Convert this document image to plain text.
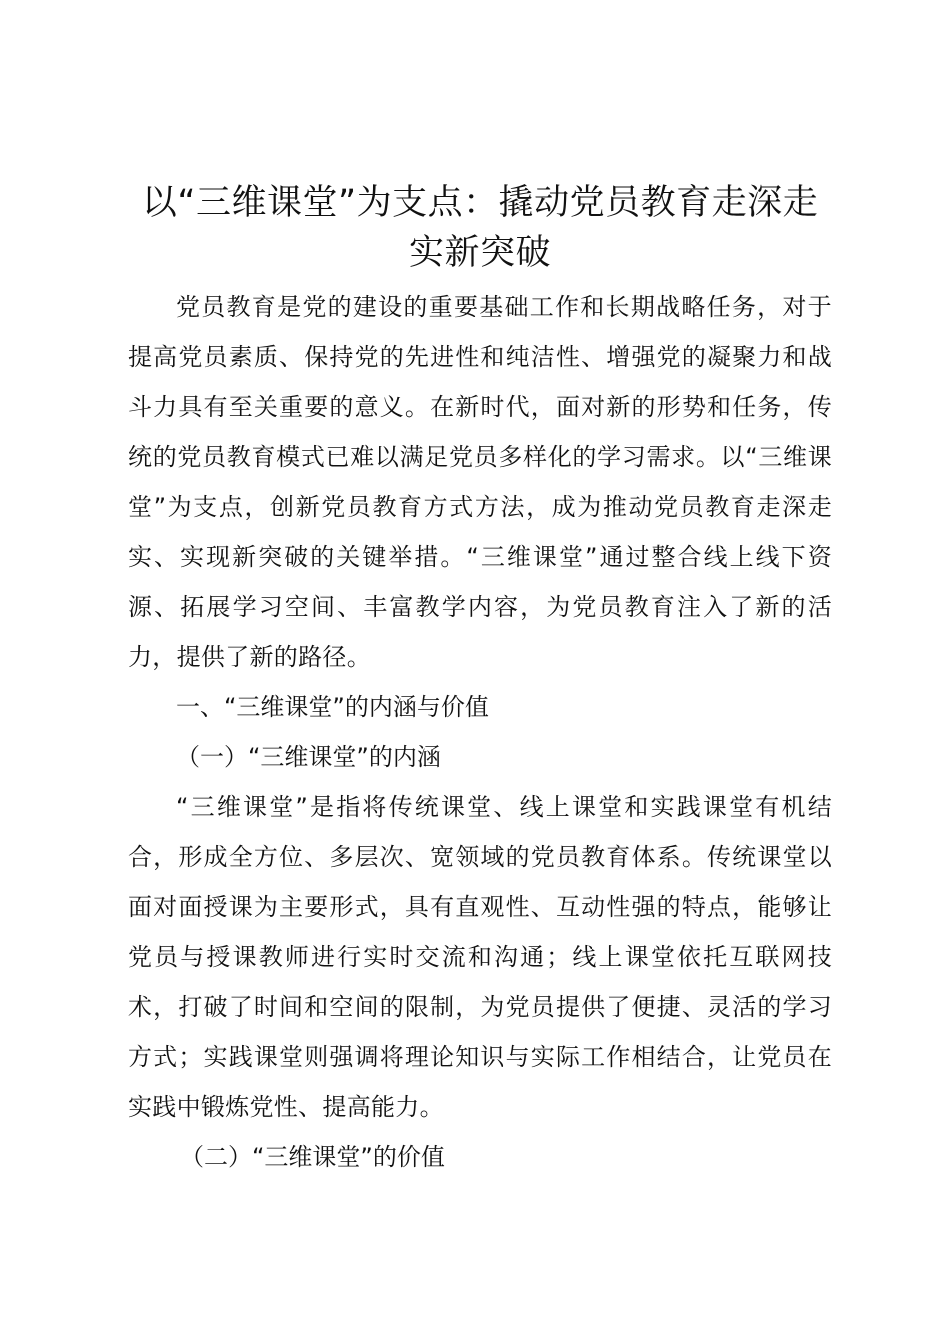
以“三维课堂”为支点：撬动党员教育走深走
实新突破

党员教育是党的建设的重要基础工作和长期战略任务，对于提高党员素质、保持党的先进性和纯洁性、增强党的凝聚力和战斗力具有至关重要的意义。在新时代，面对新的形势和任务，传统的党员教育模式已难以满足党员多样化的学习需求。以“三维课堂”为支点，创新党员教育方式方法，成为推动党员教育走深走实、实现新突破的关键举措。“三维课堂”通过整合线上线下资源、拓展学习空间、丰富教学内容，为党员教育注入了新的活力，提供了新的路径。

一、“三维课堂”的内涵与价值

（一）“三维课堂”的内涵

“三维课堂”是指将传统课堂、线上课堂和实践课堂有机结合，形成全方位、多层次、宽领域的党员教育体系。传统课堂以面对面授课为主要形式，具有直观性、互动性强的特点，能够让党员与授课教师进行实时交流和沟通；线上课堂依托互联网技术，打破了时间和空间的限制，为党员提供了便捷、灵活的学习方式；实践课堂则强调将理论知识与实际工作相结合，让党员在实践中锻炼党性、提高能力。

（二）“三维课堂”的价值
